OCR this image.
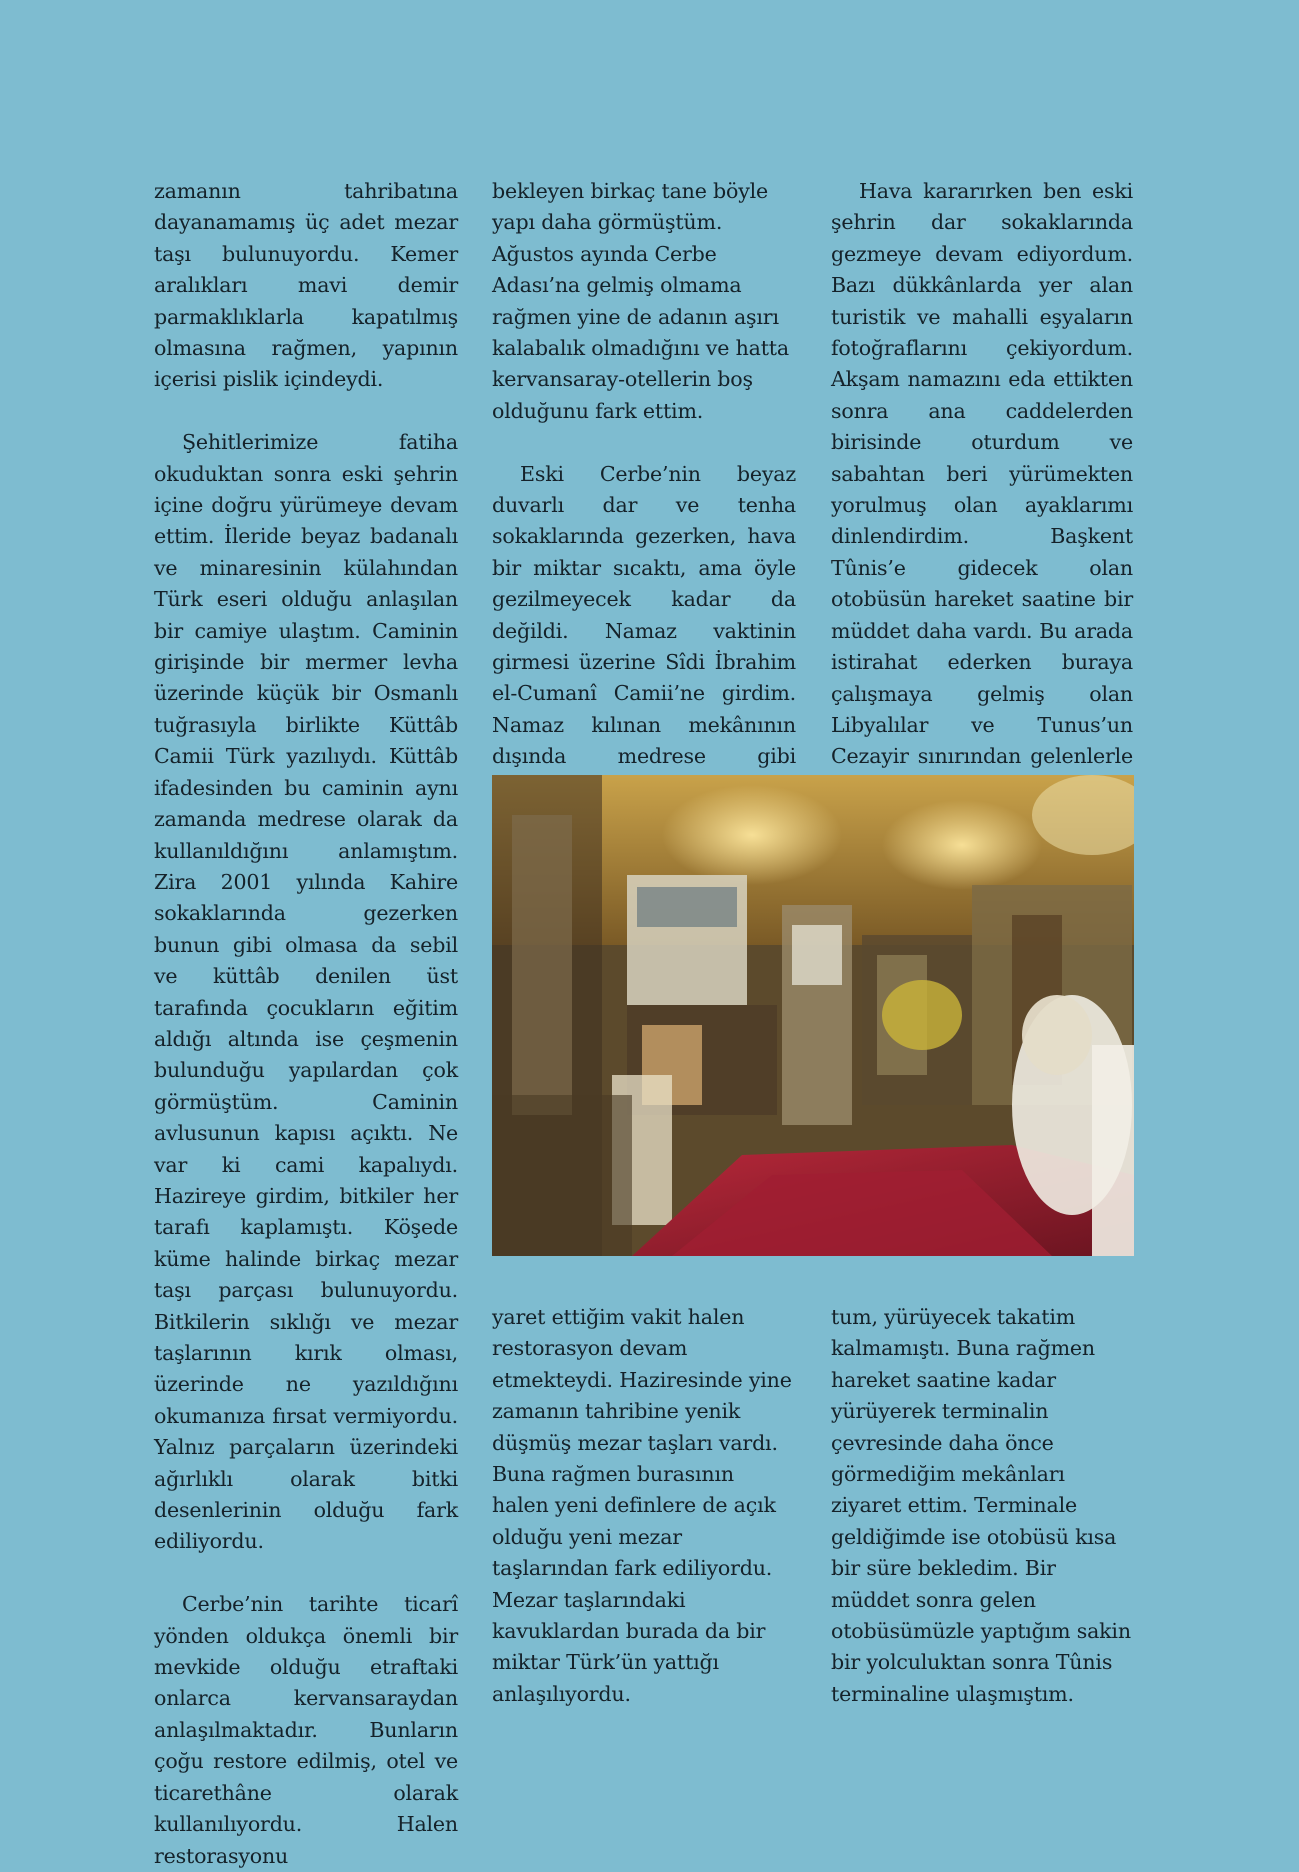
zamanın tahribatına dayanamamış üç adet mezar taşı bulunuyordu. Kemer aralıkları mavi demir parmaklıklarla kapatılmış olmasına rağmen, yapının içerisi pislik içindeydi.

Şehitlerimize fatiha okuduktan sonra eski şehrin içine doğru yürümeye devam ettim. İleride beyaz badanalı ve minaresinin külahından Türk eseri olduğu anlaşılan bir camiye ulaştım. Caminin girişinde bir mermer levha üzerinde küçük bir Osmanlı tuğrasıyla birlikte Küttâb Camii Türk yazılıydı. Küttâb ifadesinden bu caminin aynı zamanda medrese olarak da kullanıldığını anlamıştım. Zira 2001 yılında Kahire sokaklarında gezerken bunun gibi olmasa da sebil ve küttâb denilen üst tarafında çocukların eğitim aldığı altında ise çeşmenin bulunduğu yapılardan çok görmüştüm. Caminin avlusunun kapısı açıktı. Ne var ki cami kapalıydı. Hazireye girdim, bitkiler her tarafı kaplamıştı. Köşede küme halinde birkaç mezar taşı parçası bulunuyordu. Bitkilerin sıklığı ve mezar taşlarının kırık olması, üzerinde ne yazıldığını okumanıza fırsat vermiyordu. Yalnız parçaların üzerindeki ağırlıklı olarak bitki desenlerinin olduğu fark ediliyordu.

Cerbe’nin tarihte ticarî yönden oldukça önemli bir mevkide olduğu etraftaki onlarca kervansaraydan anlaşılmaktadır. Bunların çoğu restore edilmiş, otel ve ticarethâne olarak kullanılıyordu. Halen restorasyonu

bekleyen birkaç tane böyle yapı daha görmüştüm. Ağustos ayında Cerbe Adası’na gelmiş olmama rağmen yine de adanın aşırı kalabalık olmadığını ve hatta kervansaray-otellerin boş olduğunu fark ettim.

Eski Cerbe’nin beyaz duvarlı dar ve tenha sokaklarında gezerken, hava bir miktar sıcaktı, ama öyle gezilmeyecek kadar da değildi. Namaz vaktinin girmesi üzerine Sîdi İbrahim el-Cumanî Camii’ne girdim. Namaz kılınan mekânının dışında medrese gibi

Hava kararırken ben eski şehrin dar sokaklarında gezmeye devam ediyordum. Bazı dükkânlarda yer alan turistik ve mahalli eşyaların fotoğraflarını çekiyordum. Akşam namazını eda ettikten sonra ana caddelerden birisinde oturdum ve sabahtan beri yürümekten yorulmuş olan ayaklarımı dinlendirdim. Başkent Tûnis’e gidecek olan otobüsün hareket saatine bir müddet daha vardı. Bu arada istirahat ederken buraya çalışmaya gelmiş olan Libyalılar ve Tunus’un Cezayir sınırından gelenlerle

yaret ettiğim vakit halen restorasyon devam etmekteydi. Haziresinde yine zamanın tahribine yenik düşmüş mezar taşları vardı. Buna rağmen burasının halen yeni definlere de açık olduğu yeni mezar taşlarından fark ediliyordu. Mezar taşlarındaki kavuklardan burada da bir miktar Türk’ün yattığı anlaşılıyordu.

tum, yürüyecek takatim kalmamıştı. Buna rağmen hareket saatine kadar yürüyerek terminalin çevresinde daha önce görmediğim mekânları ziyaret ettim. Terminale geldiğimde ise otobüsü kısa bir süre bekledim. Bir müddet sonra gelen otobüsümüzle yaptığım sakin bir yolculuktan sonra Tûnis terminaline ulaşmıştım.
